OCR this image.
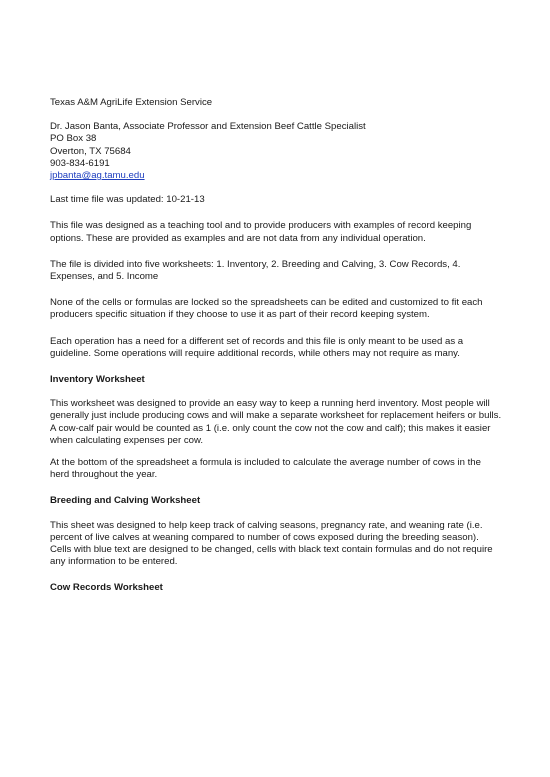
Texas A&M AgriLife Extension Service

Dr. Jason Banta, Associate Professor and Extension Beef Cattle Specialist

PO Box 38

Overton, TX 75684

903-834-6191

jpbanta@ag.tamu.edu

Last time file was updated: 10-21-13

This file was designed as a teaching tool and to provide producers with examples of record keeping options. These are provided as examples and are not data from any individual operation.

The file is divided into five worksheets: 1. Inventory, 2. Breeding and Calving, 3. Cow Records, 4. Expenses, and 5. Income

None of the cells or formulas are locked so the spreadsheets can be edited and customized to fit each producers specific situation if they choose to use it as part of their record keeping system.

Each operation has a need for a different set of records and this file is only meant to be used as a guideline. Some operations will require additional records, while others may not require as many.

Inventory Worksheet

This worksheet was designed to provide an easy way to keep a running herd inventory. Most people will generally just include producing cows and will make a separate worksheet for replacement heifers or bulls. A cow-calf pair would be counted as 1 (i.e. only count the cow not the cow and calf); this makes it easier when calculating expenses per cow.

At the bottom of the spreadsheet a formula is included to calculate the average number of cows in the herd throughout the year.

Breeding and Calving Worksheet

This sheet was designed to help keep track of calving seasons, pregnancy rate, and weaning rate (i.e. percent of live calves at weaning compared to number of cows exposed during the breeding season). Cells with blue text are designed to be changed, cells with black text contain formulas and do not require any information to be entered.

Cow Records Worksheet
